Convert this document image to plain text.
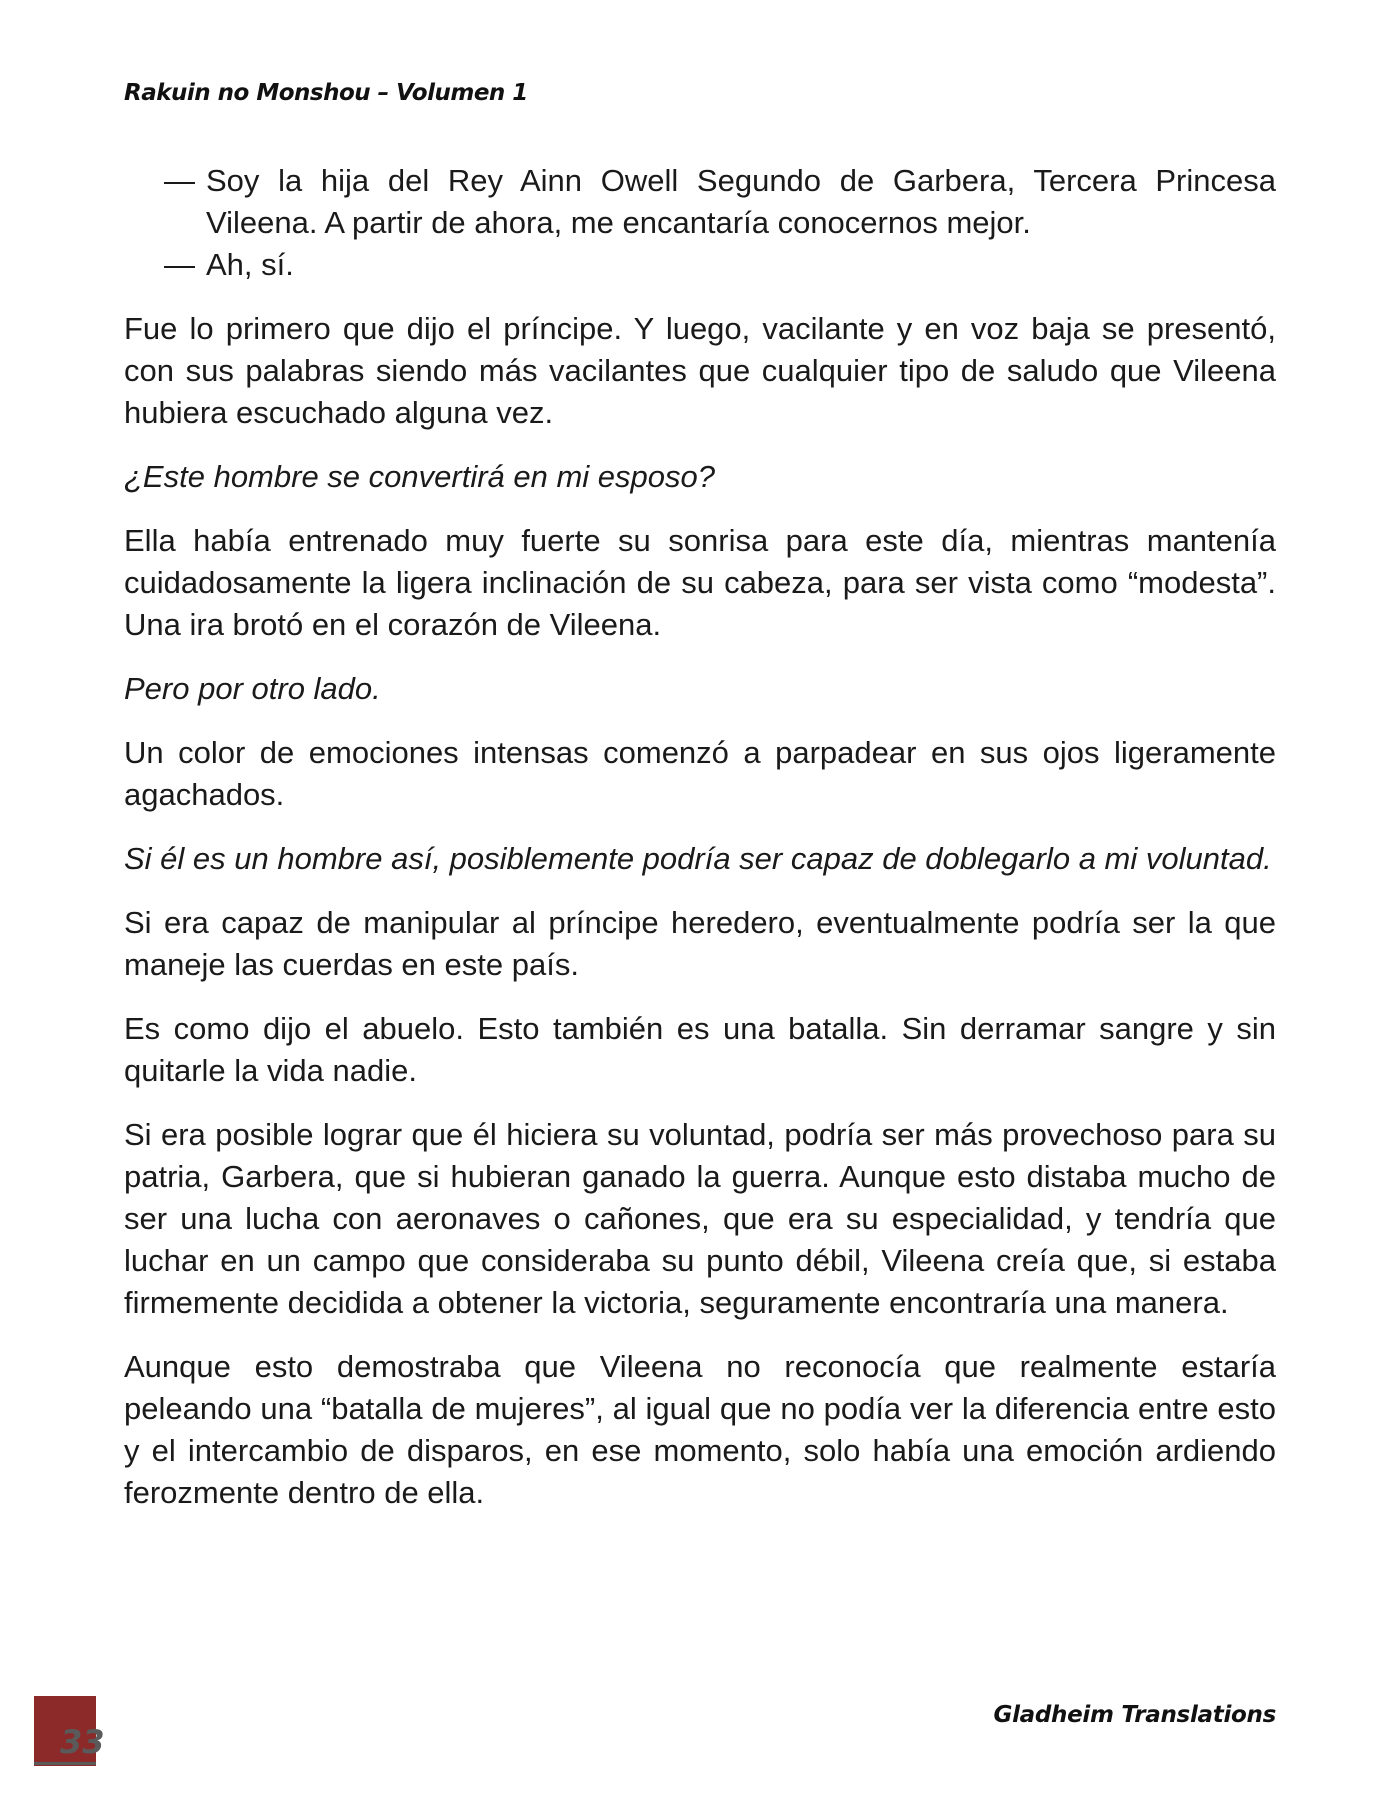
Rakuin no Monshou – Volumen 1
— Soy la hija del Rey Ainn Owell Segundo de Garbera, Tercera Princesa Vileena. A partir de ahora, me encantaría conocernos mejor.
— Ah, sí.

Fue lo primero que dijo el príncipe. Y luego, vacilante y en voz baja se presentó, con sus palabras siendo más vacilantes que cualquier tipo de saludo que Vileena hubiera escuchado alguna vez.

¿Este hombre se convertirá en mi esposo?

Ella había entrenado muy fuerte su sonrisa para este día, mientras mantenía cuidadosamente la ligera inclinación de su cabeza, para ser vista como “modesta”. Una ira brotó en el corazón de Vileena.

Pero por otro lado.

Un color de emociones intensas comenzó a parpadear en sus ojos ligeramente agachados.

Si él es un hombre así, posiblemente podría ser capaz de doblegarlo a mi voluntad.

Si era capaz de manipular al príncipe heredero, eventualmente podría ser la que maneje las cuerdas en este país.

Es como dijo el abuelo. Esto también es una batalla. Sin derramar sangre y sin quitarle la vida nadie.

Si era posible lograr que él hiciera su voluntad, podría ser más provechoso para su patria, Garbera, que si hubieran ganado la guerra. Aunque esto distaba mucho de ser una lucha con aeronaves o cañones, que era su especialidad, y tendría que luchar en un campo que consideraba su punto débil, Vileena creía que, si estaba firmemente decidida a obtener la victoria, seguramente encontraría una manera.

Aunque esto demostraba que Vileena no reconocía que realmente estaría peleando una “batalla de mujeres”, al igual que no podía ver la diferencia entre esto y el intercambio de disparos, en ese momento, solo había una emoción ardiendo ferozmente dentro de ella.

33
Gladheim Translations
